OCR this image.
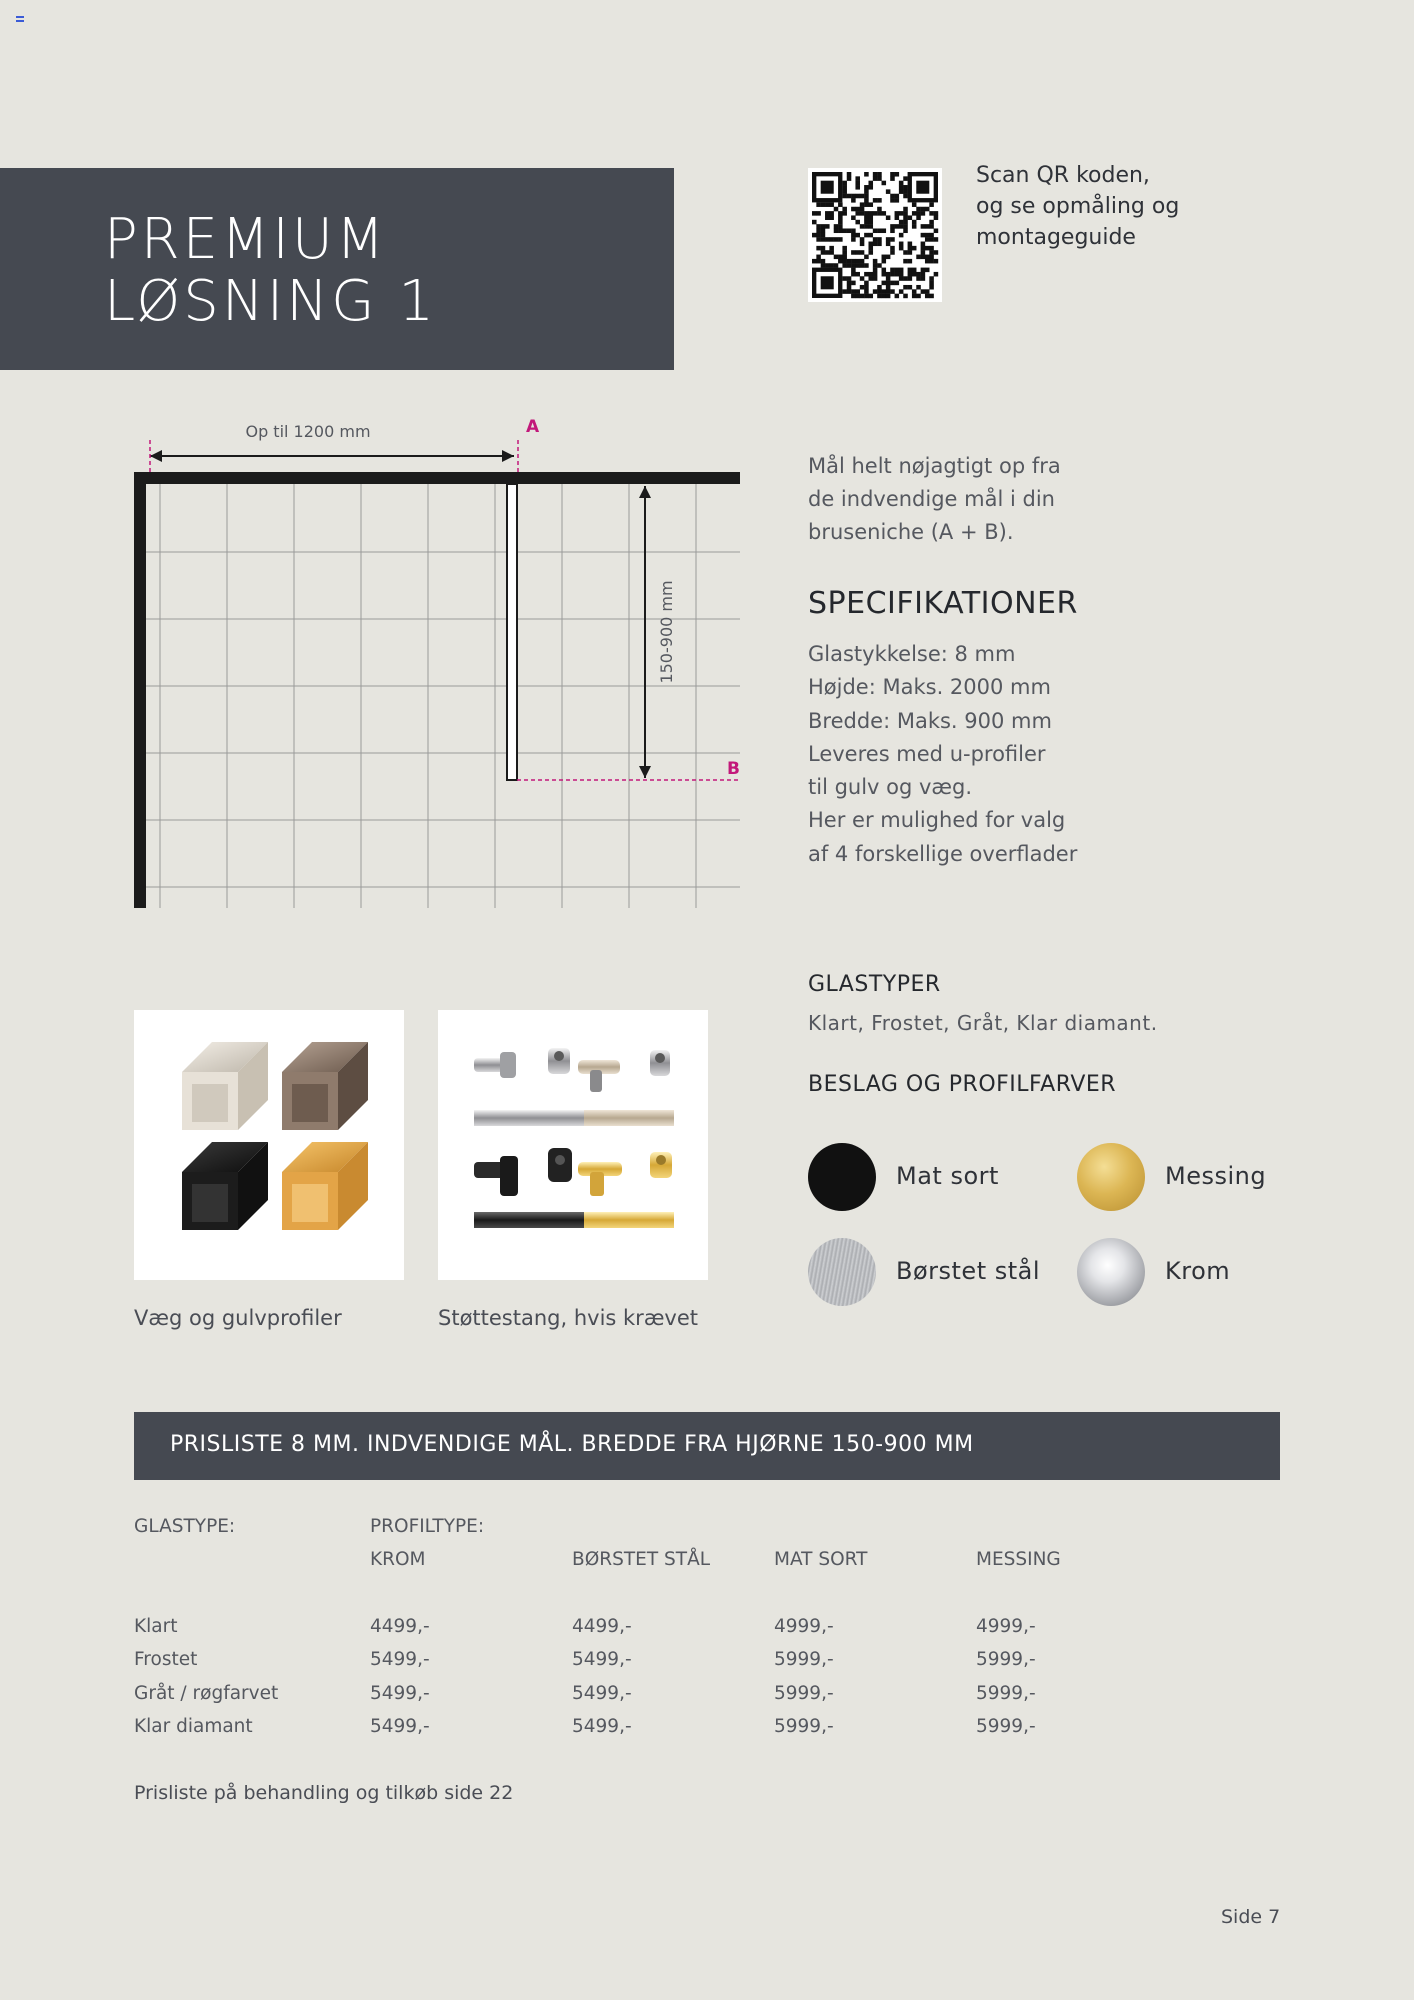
PREMIUM
LØSNING 1
Scan QR koden,
og se opmåling og
montageguide
Op til 1200 mm	A
150-900 mm
B
Mål helt nøjagtigt op fra
de indvendige mål i din
bruseniche (A + B).
SPECIFIKATIONER
Glastykkelse: 8 mm
Højde: Maks. 2000 mm
Bredde: Maks. 900 mm
Leveres med u-profiler
til gulv og væg.
Her er mulighed for valg
af 4 forskellige overflader
GLASTYPER
Klart, Frostet, Gråt, Klar diamant.
BESLAG OG PROFILFARVER
Mat sort	Messing
Børstet stål	Krom
Væg og gulvprofiler	Støttestang, hvis krævet
PRISLISTE 8 MM. INDVENDIGE MÅL. BREDDE FRA HJØRNE 150-900 MM
GLASTYPE:	PROFILTYPE:
KROM	BØRSTET STÅL	MAT SORT	MESSING
Klart	4499,-	4499,-	4999,-	4999,-
Frostet	5499,-	5499,-	5999,-	5999,-
Gråt / røgfarvet	5499,-	5499,-	5999,-	5999,-
Klar diamant	5499,-	5499,-	5999,-	5999,-
Prisliste på behandling og tilkøb side 22
Side 7
